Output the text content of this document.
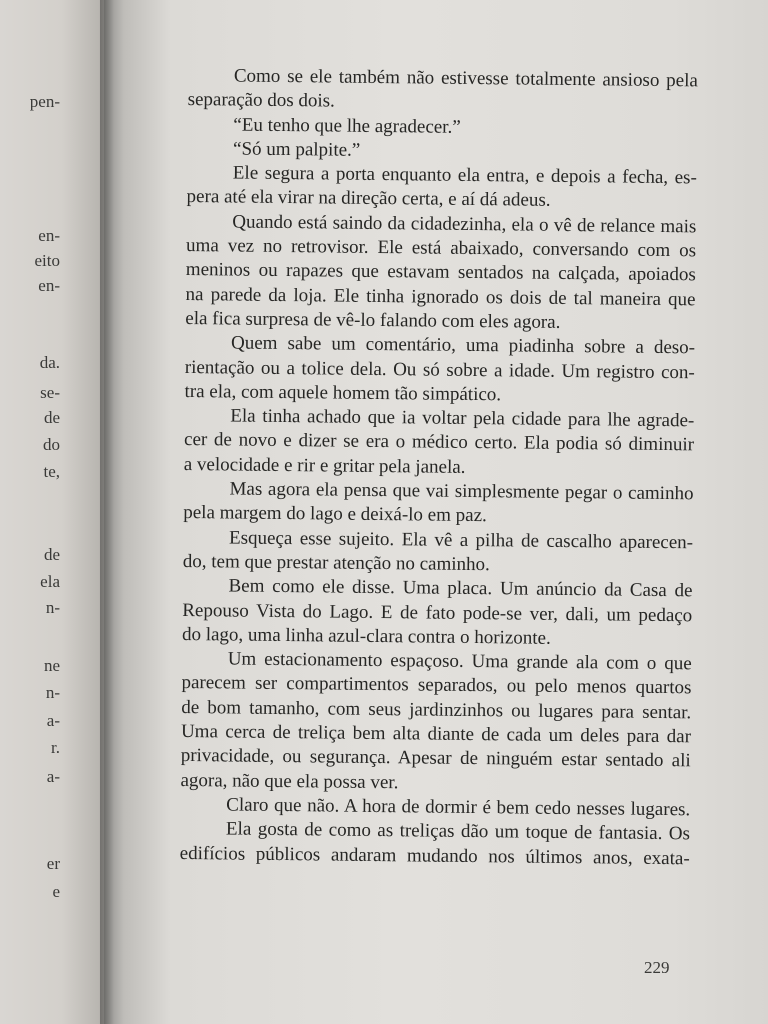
pen-
en-
eito
en-
da.
se-
de
do
te,
de
ela
n-
ne
n-
a-
r.
a-
er
e
Como se ele também não estivesse totalmente ansioso pela
separação dos dois.
“Eu tenho que lhe agradecer.”
“Só um palpite.”
Ele segura a porta enquanto ela entra, e depois a fecha, es-
pera até ela virar na direção certa, e aí dá adeus.
Quando está saindo da cidadezinha, ela o vê de relance mais
uma vez no retrovisor. Ele está abaixado, conversando com os
meninos ou rapazes que estavam sentados na calçada, apoiados
na parede da loja. Ele tinha ignorado os dois de tal maneira que
ela fica surpresa de vê-lo falando com eles agora.
Quem sabe um comentário, uma piadinha sobre a deso-
rientação ou a tolice dela. Ou só sobre a idade. Um registro con-
tra ela, com aquele homem tão simpático.
Ela tinha achado que ia voltar pela cidade para lhe agrade-
cer de novo e dizer se era o médico certo. Ela podia só diminuir
a velocidade e rir e gritar pela janela.
Mas agora ela pensa que vai simplesmente pegar o caminho
pela margem do lago e deixá-lo em paz.
Esqueça esse sujeito. Ela vê a pilha de cascalho aparecen-
do, tem que prestar atenção no caminho.
Bem como ele disse. Uma placa. Um anúncio da Casa de
Repouso Vista do Lago. E de fato pode-se ver, dali, um pedaço
do lago, uma linha azul-clara contra o horizonte.
Um estacionamento espaçoso. Uma grande ala com o que
parecem ser compartimentos separados, ou pelo menos quartos
de bom tamanho, com seus jardinzinhos ou lugares para sentar.
Uma cerca de treliça bem alta diante de cada um deles para dar
privacidade, ou segurança. Apesar de ninguém estar sentado ali
agora, não que ela possa ver.
Claro que não. A hora de dormir é bem cedo nesses lugares.
Ela gosta de como as treliças dão um toque de fantasia. Os
edifícios públicos andaram mudando nos últimos anos, exata-
229
